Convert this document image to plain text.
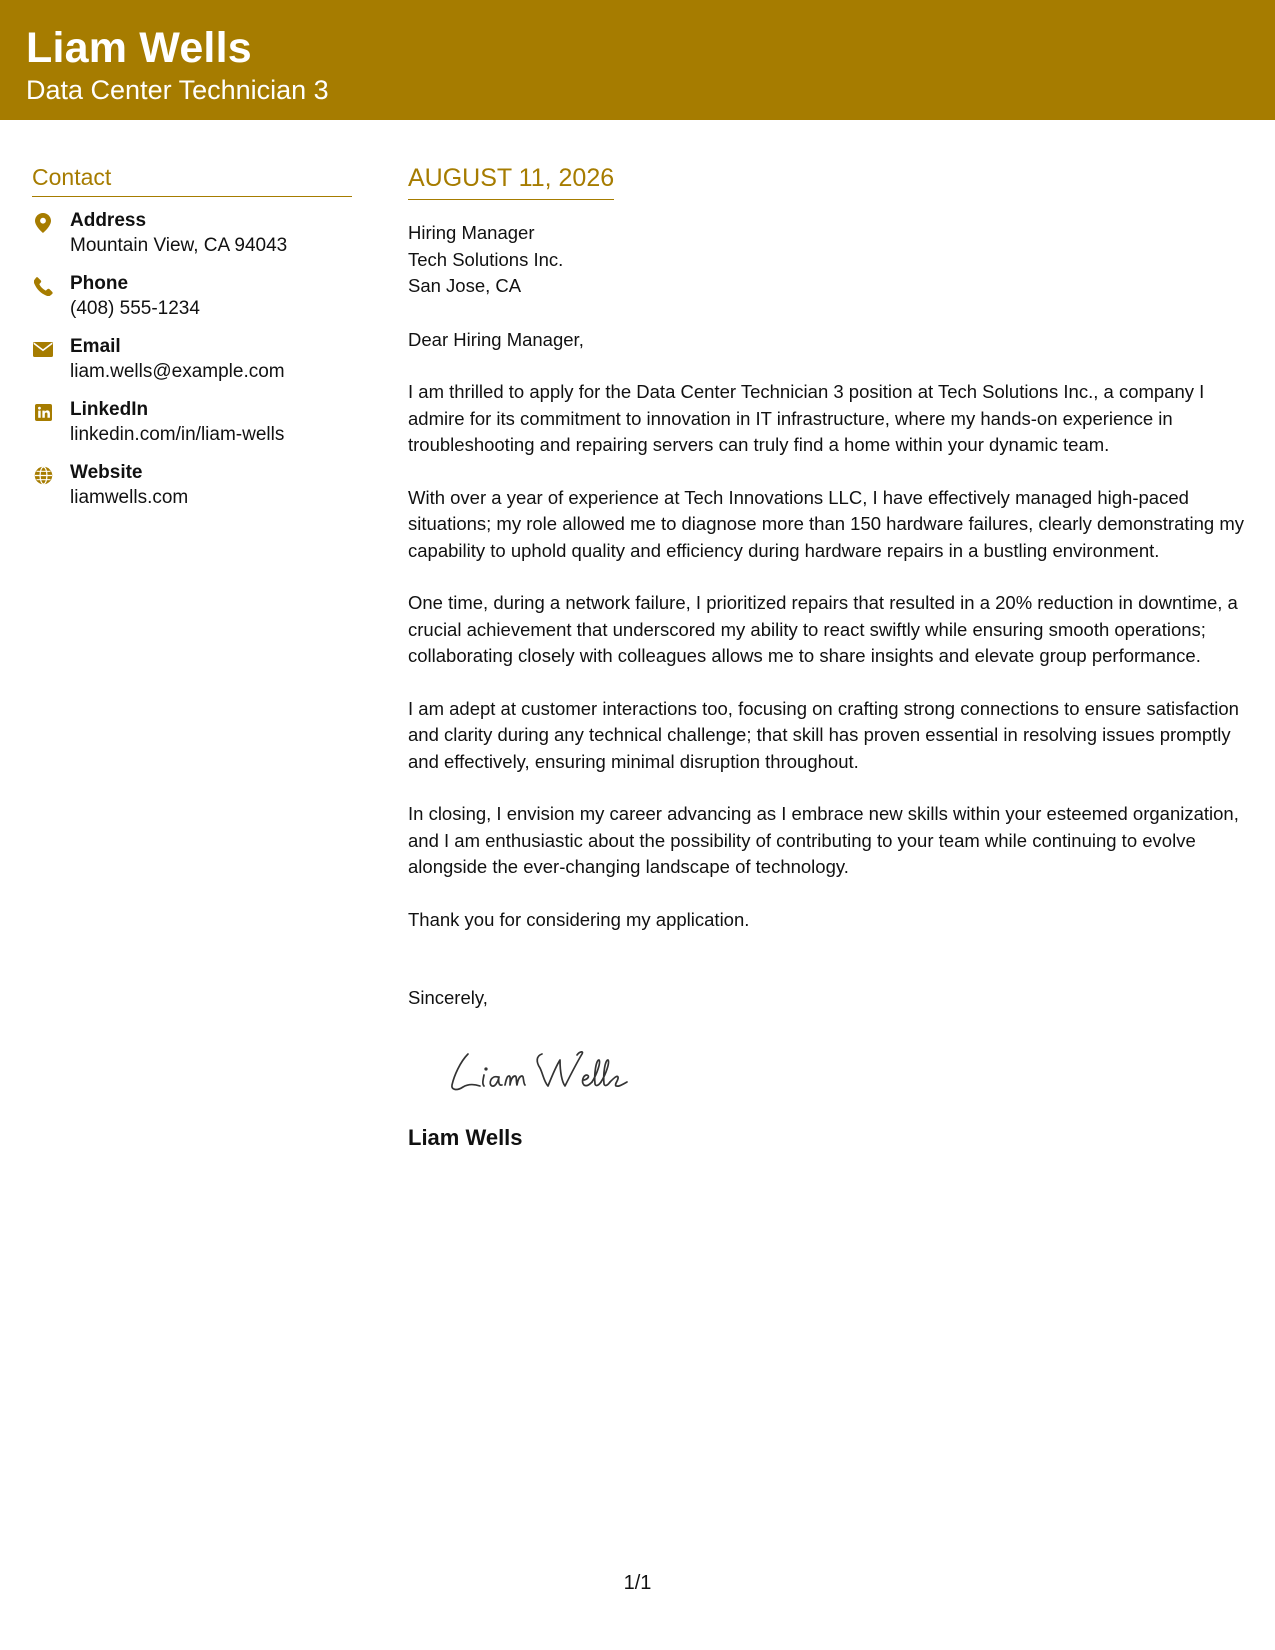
Liam Wells
Data Center Technician 3
Contact
Address
Mountain View, CA 94043
Phone
(408) 555-1234
Email
liam.wells@example.com
LinkedIn
linkedin.com/in/liam-wells
Website
liamwells.com
AUGUST 11, 2026
Hiring Manager
Tech Solutions Inc.
San Jose, CA
Dear Hiring Manager,
I am thrilled to apply for the Data Center Technician 3 position at Tech Solutions Inc., a company I admire for its commitment to innovation in IT infrastructure, where my hands-on experience in troubleshooting and repairing servers can truly find a home within your dynamic team.
With over a year of experience at Tech Innovations LLC, I have effectively managed high-paced situations; my role allowed me to diagnose more than 150 hardware failures, clearly demonstrating my capability to uphold quality and efficiency during hardware repairs in a bustling environment.
One time, during a network failure, I prioritized repairs that resulted in a 20% reduction in downtime, a crucial achievement that underscored my ability to react swiftly while ensuring smooth operations; collaborating closely with colleagues allows me to share insights and elevate group performance.
I am adept at customer interactions too, focusing on crafting strong connections to ensure satisfaction and clarity during any technical challenge; that skill has proven essential in resolving issues promptly and effectively, ensuring minimal disruption throughout.
In closing, I envision my career advancing as I embrace new skills within your esteemed organization, and I am enthusiastic about the possibility of contributing to your team while continuing to evolve alongside the ever-changing landscape of technology.
Thank you for considering my application.
Sincerely,
Liam Wells
1/1
